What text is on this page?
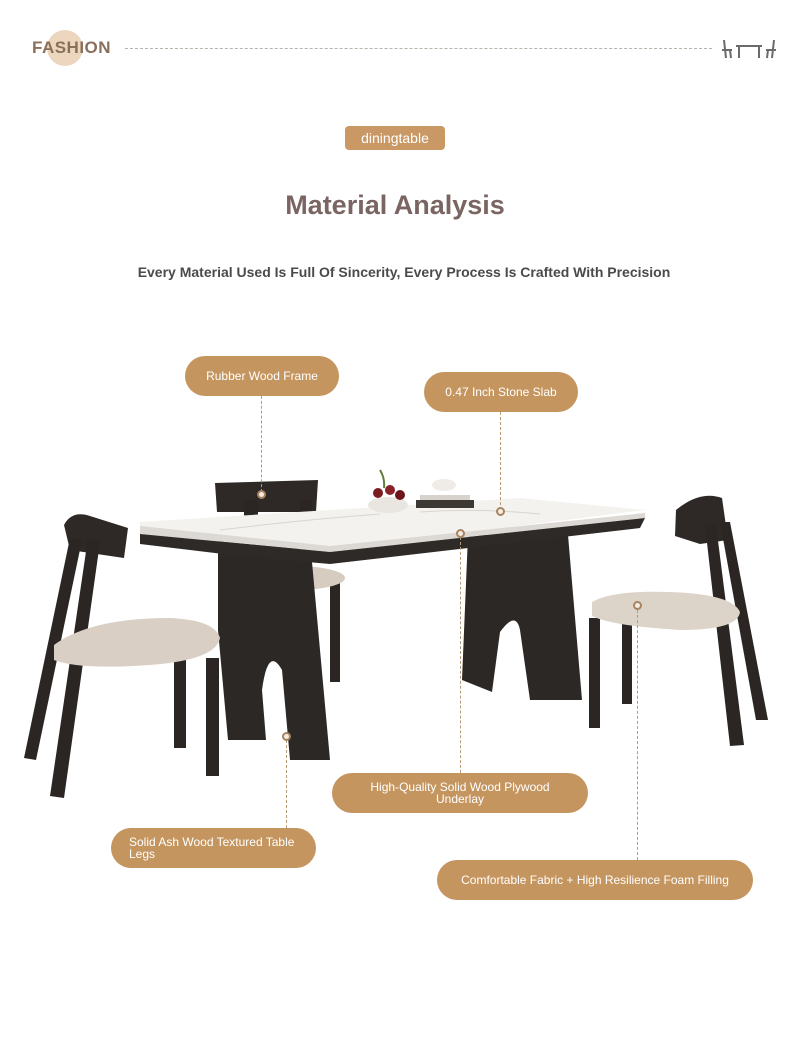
FASHION
diningtable
Material Analysis
Every Material Used Is Full Of Sincerity, Every Process Is Crafted With Precision
Rubber Wood Frame
0.47 Inch Stone Slab
High-Quality Solid Wood Plywood Underlay
Solid Ash Wood Textured Table Legs
Comfortable Fabric + High Resilience Foam Filling
